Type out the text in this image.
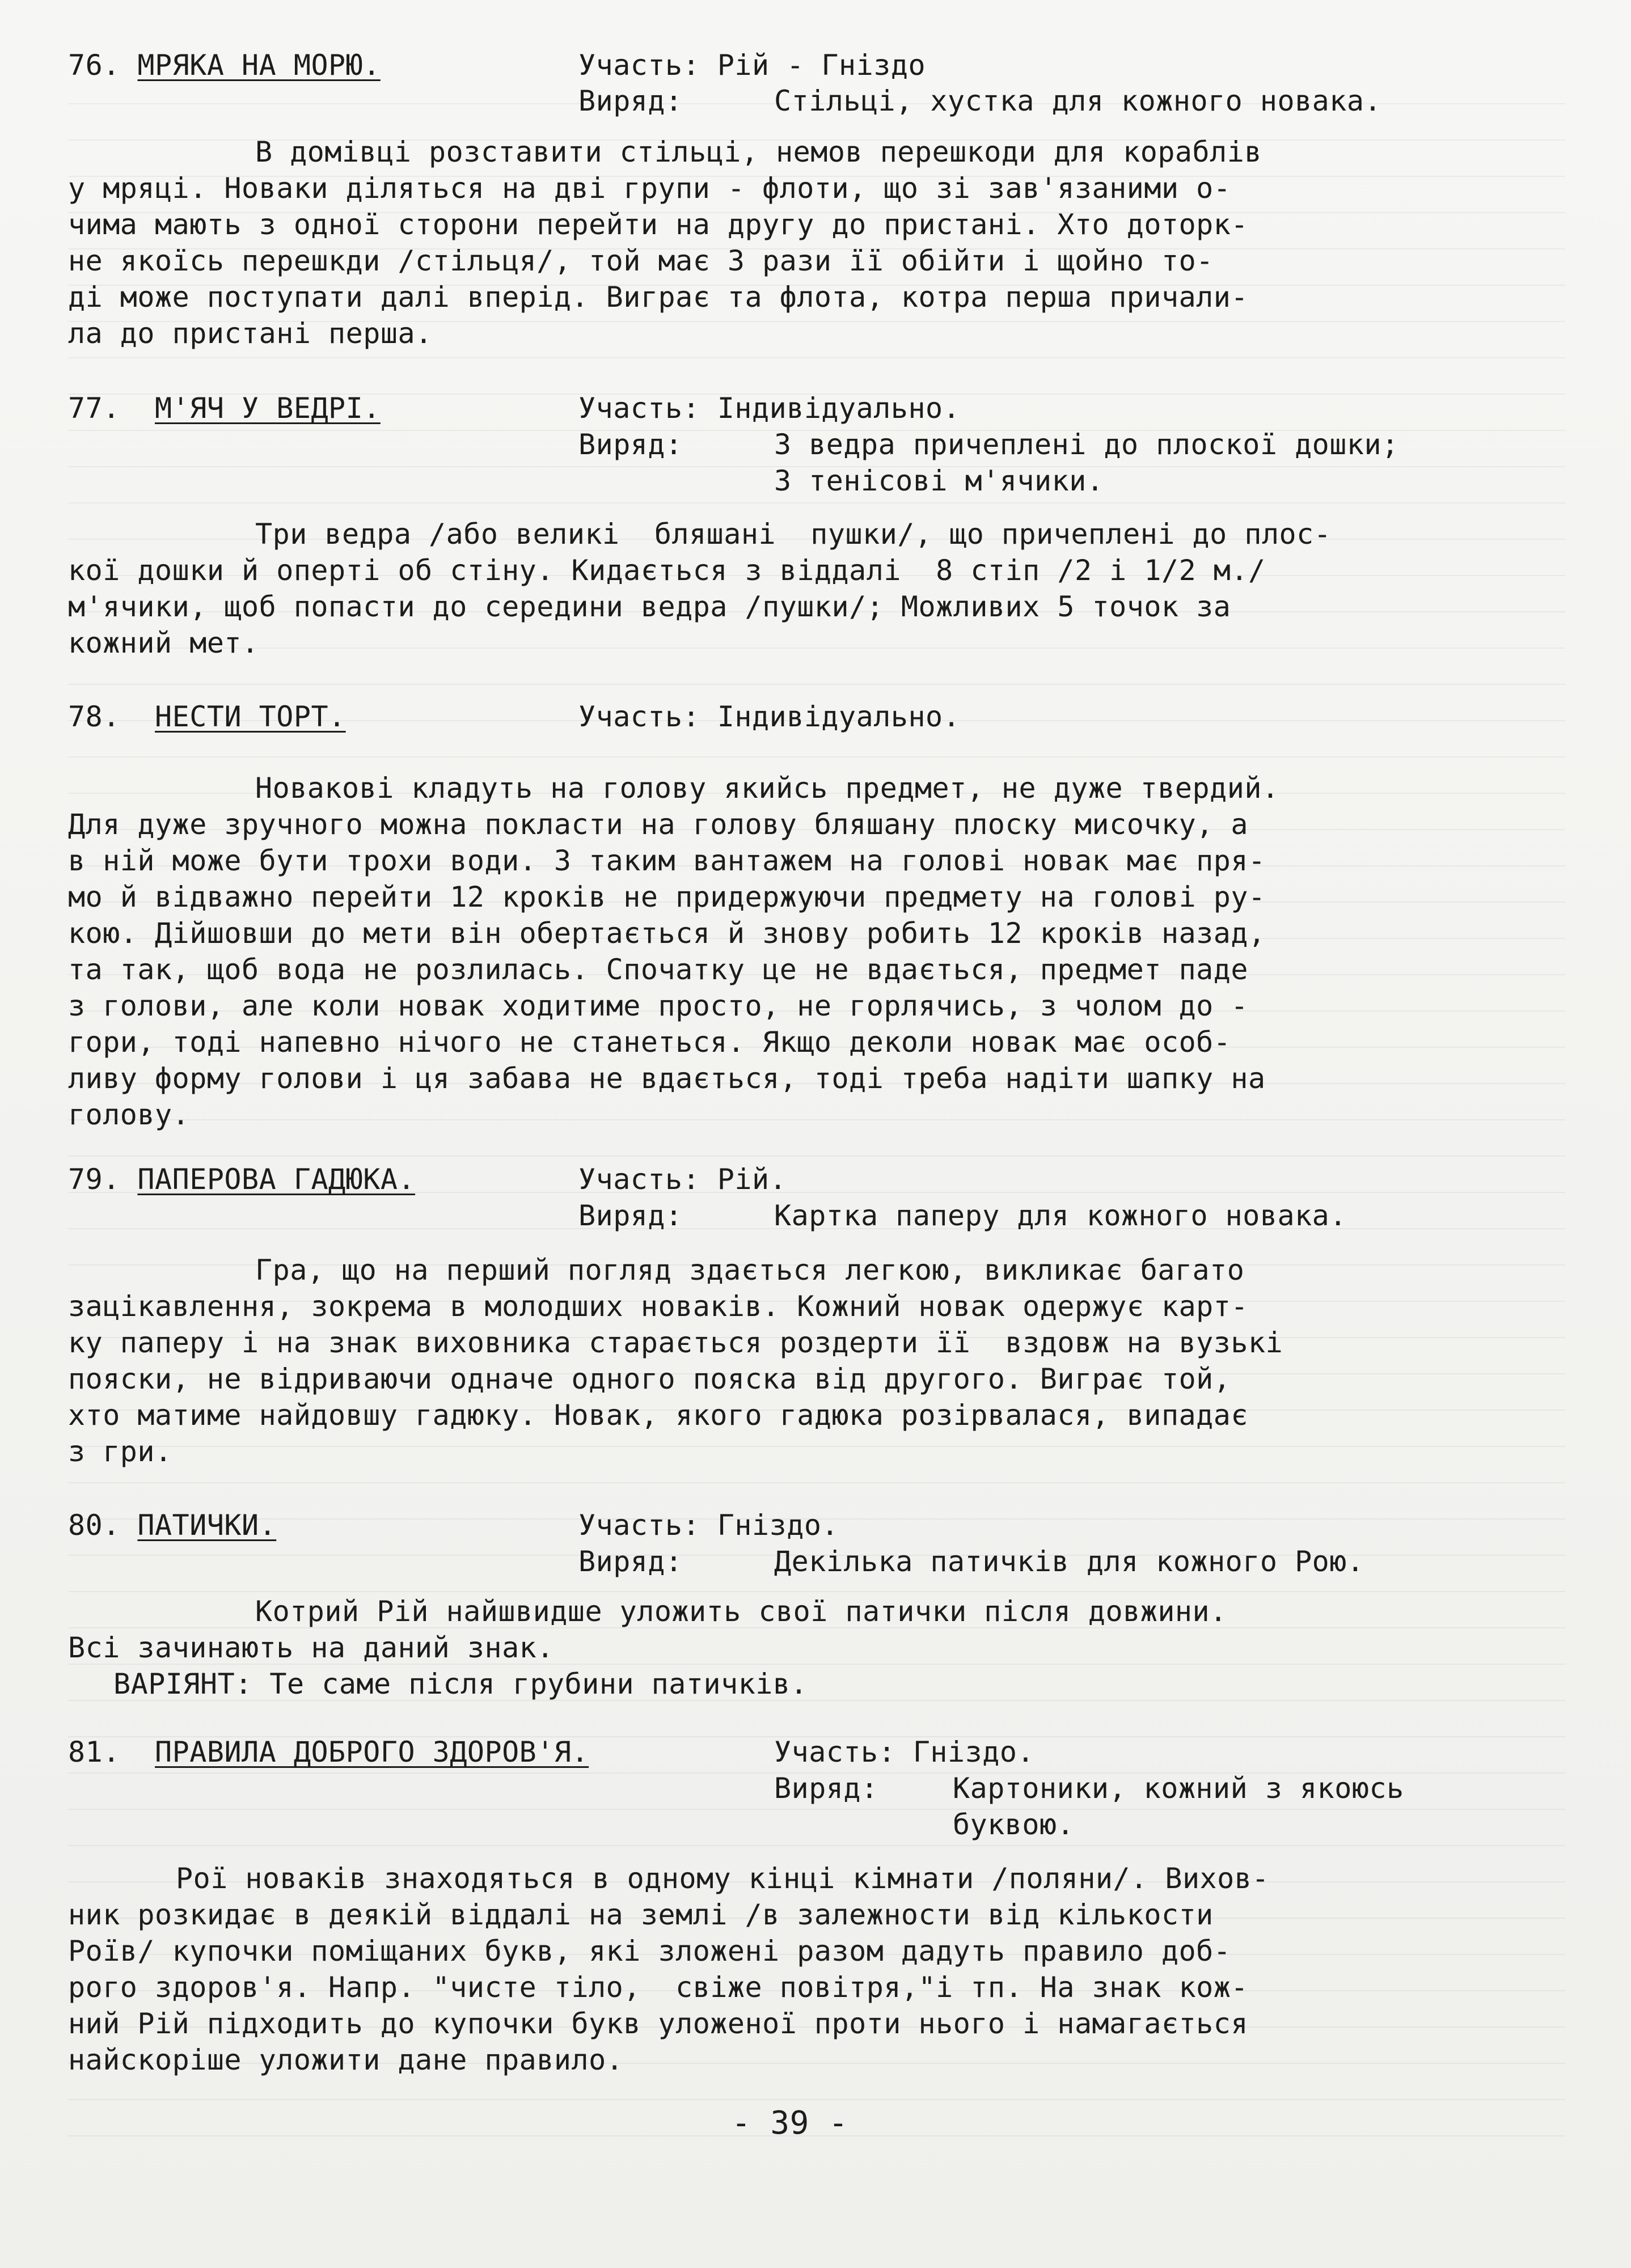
76. МРЯКА НА МОРЮ.	Участь: Рій - Гніздо
Виряд:	Стільці, хустка для кожного новака.
В домівці розставити стільці, немов перешкоди для кораблів
у мряці. Новаки діляться на дві групи - флоти, що зі зав'язаними о-
чима мають з одної сторони перейти на другу до пристані. Хто доторк-
не якоїсь перешкди /стільця/, той має 3 рази її обійти і щойно то-
ді може поступати далі вперід. Виграє та флота, котра перша причали-
ла до пристані перша.
77. М'ЯЧ У ВЕДРІ.	Участь: Індивідуально.
Виряд:	3 ведра причеплені до плоскої дошки;
3 тенісові м'ячики.
Три ведра /або великі  бляшані  пушки/, що причеплені до плос-
кої дошки й оперті об стіну. Кидається з віддалі  8 стіп /2 і 1/2 м./
м'ячики, щоб попасти до середини ведра /пушки/; Можливих 5 точок за
кожний мет.
78. НЕСТИ ТОРТ.	Участь: Індивідуально.
Новакові кладуть на голову якийсь предмет, не дуже твердий.
Для дуже зручного можна покласти на голову бляшану плоску мисочку, а
в ній може бути трохи води. З таким вантажем на голові новак має пря-
мо й відважно перейти 12 кроків не придержуючи предмету на голові ру-
кою. Дійшовши до мети він обертається й знову робить 12 кроків назад,
та так, щоб вода не розлилась. Спочатку це не вдається, предмет паде
з голови, але коли новак ходитиме просто, не горлячись, з чолом до -
гори, тоді напевно нічого не станеться. Якщо деколи новак має особ-
ливу форму голови і ця забава не вдається, тоді треба надіти шапку на
голову.
79. ПАПЕРОВА ГАДЮКА.	Участь: Рій.
Виряд:	Картка паперу для кожного новака.
Гра, що на перший погляд здається легкою, викликає багато
зацікавлення, зокрема в молодших новаків. Кожний новак одержує карт-
ку паперу і на знак виховника старається роздерти її  вздовж на вузькі
пояски, не відриваючи одначе одного пояска від другого. Виграє той,
хто матиме найдовшу гадюку. Новак, якого гадюка розірвалася, випадає
з гри.
80. ПАТИЧКИ.	Участь: Гніздо.
Виряд:	Декілька патичків для кожного Рою.
Котрий Рій найшвидше уложить свої патички після довжини.
Всі зачинають на даний знак.
ВАРІЯНТ: Те саме після грубини патичків.
81. ПРАВИЛА ДОБРОГО ЗДОРОВ'Я.	Участь: Гніздо.
Виряд:	Картоники, кожний з якоюсь
буквою.
Рої новаків знаходяться в одному кінці кімнати /поляни/. Вихов-
ник розкидає в деякій віддалі на землі /в залежности від кількости
Роїв/ купочки поміщаних букв, які зложені разом дадуть правило доб-
рого здоров'я. Напр. "чисте тіло,  свіже повітря,"і тп. На знак кож-
ний Рій підходить до купочки букв уложеної проти нього і намагається
найскоріше уложити дане правило.
- 39 -
